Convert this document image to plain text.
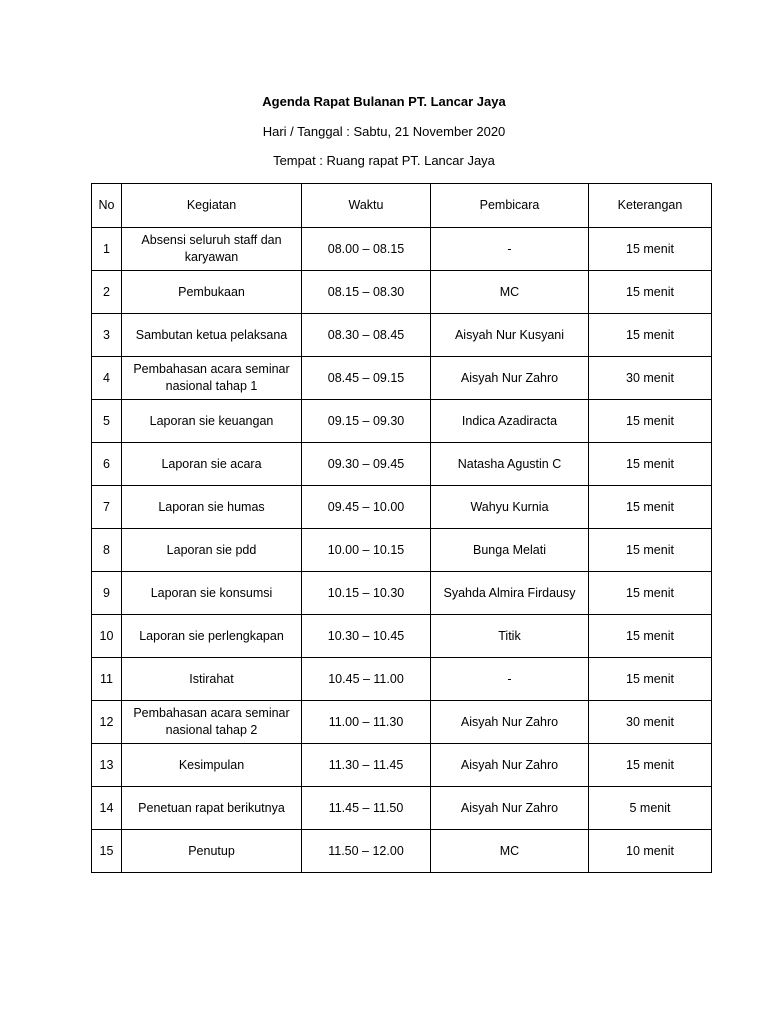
Agenda Rapat Bulanan PT. Lancar Jaya
Hari / Tanggal : Sabtu, 21 November 2020
Tempat : Ruang rapat PT. Lancar Jaya
No	Kegiatan	Waktu	Pembicara	Keterangan
1	Absensi seluruh staff dan karyawan	08.00 – 08.15	-	15 menit
2	Pembukaan	08.15 – 08.30	MC	15 menit
3	Sambutan ketua pelaksana	08.30 – 08.45	Aisyah Nur Kusyani	15 menit
4	Pembahasan acara seminar nasional tahap 1	08.45 – 09.15	Aisyah Nur Zahro	30 menit
5	Laporan sie keuangan	09.15 – 09.30	Indica Azadiracta	15 menit
6	Laporan sie acara	09.30 – 09.45	Natasha Agustin C	15 menit
7	Laporan sie humas	09.45 – 10.00	Wahyu Kurnia	15 menit
8	Laporan sie pdd	10.00 – 10.15	Bunga Melati	15 menit
9	Laporan sie konsumsi	10.15 – 10.30	Syahda Almira Firdausy	15 menit
10	Laporan sie perlengkapan	10.30 – 10.45	Titik	15 menit
11	Istirahat	10.45 – 11.00	-	15 menit
12	Pembahasan acara seminar nasional tahap 2	11.00 – 11.30	Aisyah Nur Zahro	30 menit
13	Kesimpulan	11.30 – 11.45	Aisyah Nur Zahro	15 menit
14	Penetuan rapat berikutnya	11.45 – 11.50	Aisyah Nur Zahro	5 menit
15	Penutup	11.50 – 12.00	MC	10 menit
